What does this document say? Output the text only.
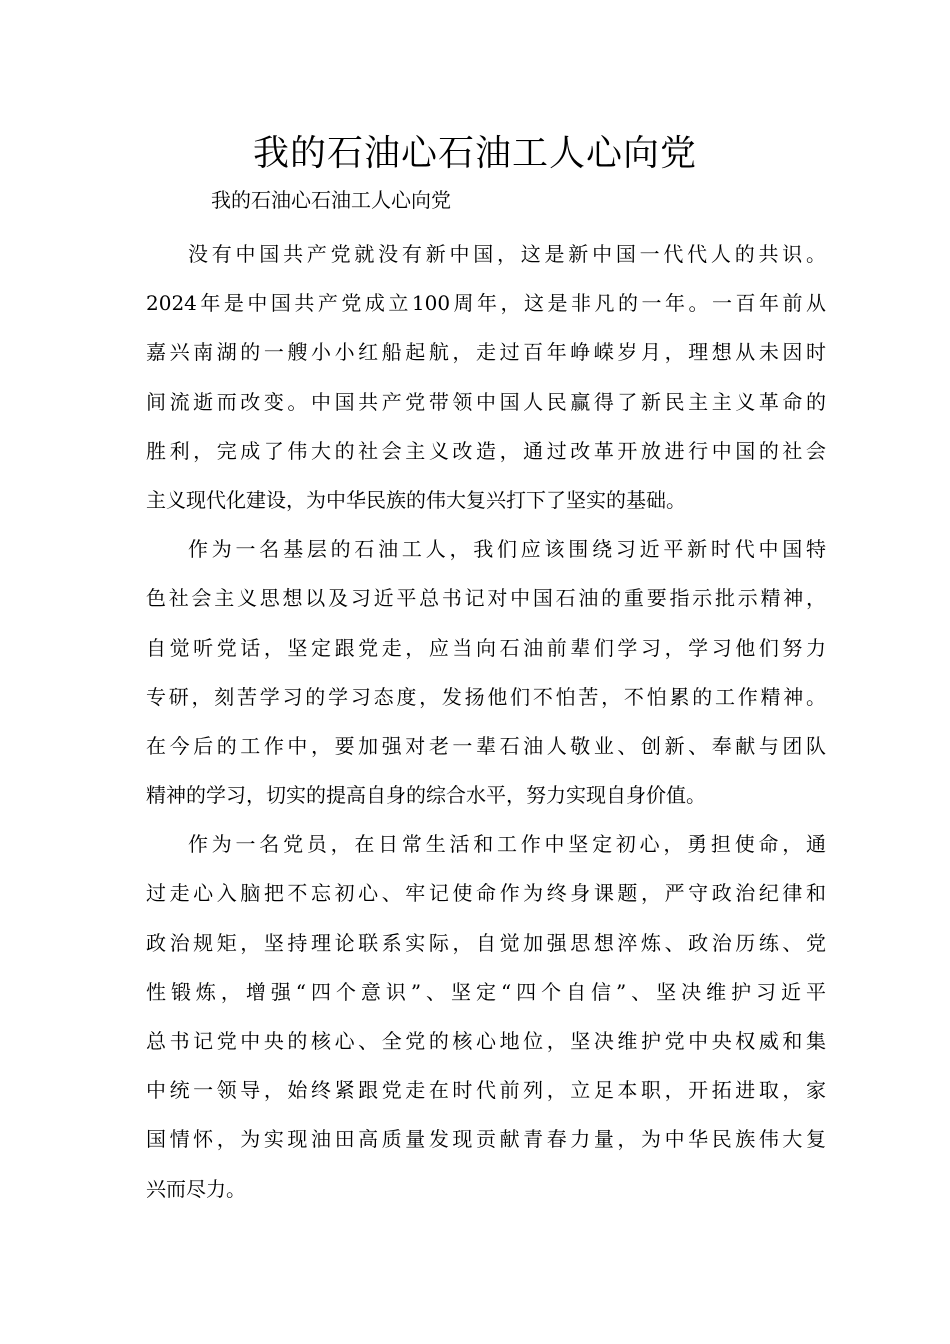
我的石油心石油工人心向党

我的石油心石油工人心向党

没有中国共产党就没有新中国，这是新中国一代代人的共识。
2024年是中国共产党成立100周年，这是非凡的一年。一百年前从
嘉兴南湖的一艘小小红船起航，走过百年峥嵘岁月，理想从未因时
间流逝而改变。中国共产党带领中国人民赢得了新民主主义革命的
胜利，完成了伟大的社会主义改造，通过改革开放进行中国的社会
主义现代化建设，为中华民族的伟大复兴打下了坚实的基础。
作为一名基层的石油工人，我们应该围绕习近平新时代中国特
色社会主义思想以及习近平总书记对中国石油的重要指示批示精神，
自觉听党话，坚定跟党走，应当向石油前辈们学习，学习他们努力
专研，刻苦学习的学习态度，发扬他们不怕苦，不怕累的工作精神。
在今后的工作中，要加强对老一辈石油人敬业、创新、奉献与团队
精神的学习，切实的提高自身的综合水平，努力实现自身价值。
作为一名党员，在日常生活和工作中坚定初心，勇担使命，通
过走心入脑把不忘初心、牢记使命作为终身课题，严守政治纪律和
政治规矩，坚持理论联系实际，自觉加强思想淬炼、政治历练、党
性锻炼，增强“四个意识”、坚定“四个自信”、坚决维护习近平
总书记党中央的核心、全党的核心地位，坚决维护党中央权威和集
中统一领导，始终紧跟党走在时代前列，立足本职，开拓进取，家
国情怀，为实现油田高质量发现贡献青春力量，为中华民族伟大复
兴而尽力。
